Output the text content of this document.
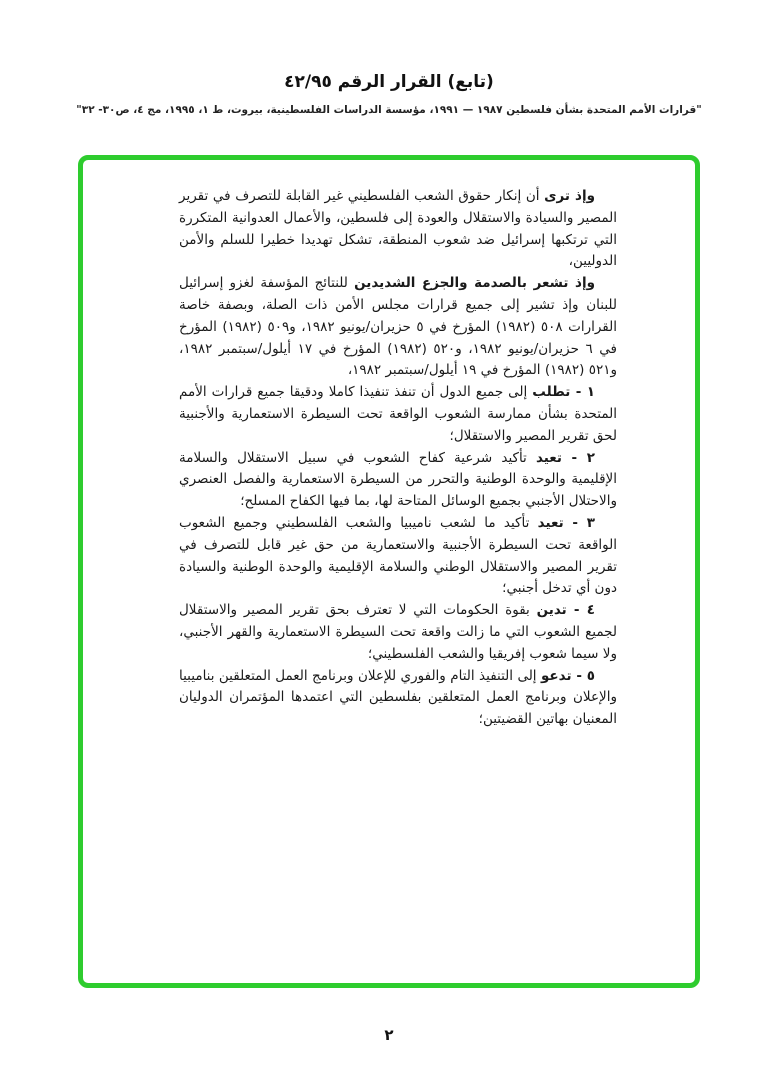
(تابع) القرار الرقم ٤٢/٩٥
"قرارات الأمم المتحدة بشأن فلسطين ١٩٨٧ — ١٩٩١، مؤسسة الدراسات الفلسطينية، بيروت، ط ١، ١٩٩٥، مج ٤، ص٣٠- ٣٢"

وإذ ترى أن إنكار حقوق الشعب الفلسطيني غير القابلة للتصرف في تقرير المصير والسيادة والاستقلال والعودة إلى فلسطين، والأعمال العدوانية المتكررة التي ترتكبها إسرائيل ضد شعوب المنطقة، تشكل تهديدا خطيرا للسلم والأمن الدوليين،

وإذ تشعر بالصدمة والجزع الشديدين للنتائج المؤسفة لغزو إسرائيل للبنان وإذ تشير إلى جميع قرارات مجلس الأمن ذات الصلة، وبصفة خاصة القرارات ٥٠٨ (١٩٨٢) المؤرخ في ٥ حزيران/يونيو ١٩٨٢، و٥٠٩ (١٩٨٢) المؤرخ في ٦ حزيران/يونيو ١٩٨٢، و٥٢٠ (١٩٨٢) المؤرخ في ١٧ أيلول/سبتمبر ١٩٨٢، و٥٢١ (١٩٨٢) المؤرخ في ١٩ أيلول/سبتمبر ١٩٨٢،

١ - تطلب إلى جميع الدول أن تنفذ تنفيذا كاملا ودقيقا جميع قرارات الأمم المتحدة بشأن ممارسة الشعوب الواقعة تحت السيطرة الاستعمارية والأجنبية لحق تقرير المصير والاستقلال؛

٢ - تعيد تأكيد شرعية كفاح الشعوب في سبيل الاستقلال والسلامة الإقليمية والوحدة الوطنية والتحرر من السيطرة الاستعمارية والفصل العنصري والاحتلال الأجنبي بجميع الوسائل المتاحة لها، بما فيها الكفاح المسلح؛

٣ - تعيد تأكيد ما لشعب ناميبيا والشعب الفلسطيني وجميع الشعوب الواقعة تحت السيطرة الأجنبية والاستعمارية من حق غير قابل للتصرف في تقرير المصير والاستقلال الوطني والسلامة الإقليمية والوحدة الوطنية والسيادة دون أي تدخل أجنبي؛

٤ - تدين بقوة الحكومات التي لا تعترف بحق تقرير المصير والاستقلال لجميع الشعوب التي ما زالت واقعة تحت السيطرة الاستعمارية والقهر الأجنبي، ولا سيما شعوب إفريقيا والشعب الفلسطيني؛

٥ - تدعو إلى التنفيذ التام والفوري للإعلان وبرنامج العمل المتعلقين بناميبيا والإعلان وبرنامج العمل المتعلقين بفلسطين التي اعتمدها المؤتمران الدوليان المعنيان بهاتين القضيتين؛

٢
